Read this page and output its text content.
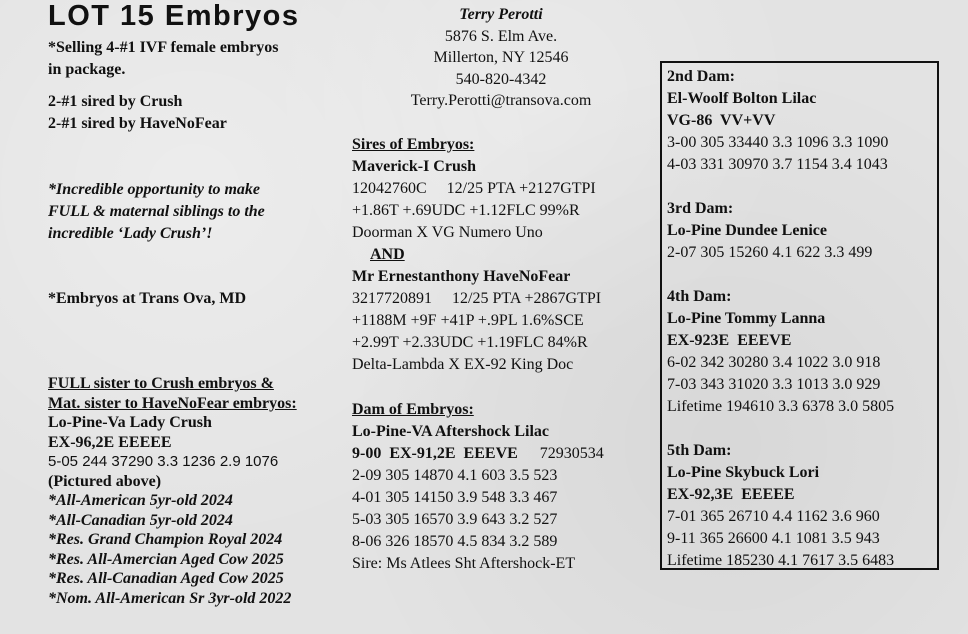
LOT 15 Embryos
*Selling 4-#1 IVF female embryos
in package.
2-#1 sired by Crush
2-#1 sired by HaveNoFear
*Incredible opportunity to make
FULL & maternal siblings to the
incredible ‘Lady Crush’!
*Embryos at Trans Ova, MD
FULL sister to Crush embryos &
Mat. sister to HaveNoFear embryos:
Lo-Pine-Va Lady Crush
EX-96,2E EEEEE
5-05 244 37290 3.3 1236 2.9 1076
(Pictured above)
*All-American 5yr-old 2024
*All-Canadian 5yr-old 2024
*Res. Grand Champion Royal 2024
*Res. All-Amercian Aged Cow 2025
*Res. All-Canadian Aged Cow 2025
*Nom. All-American Sr 3yr-old 2022
Terry Perotti
5876 S. Elm Ave.
Millerton, NY 12546
540-820-4342
Terry.Perotti@transova.com
Sires of Embryos:
Maverick-I Crush
12042760C     12/25 PTA +2127GTPI
+1.86T +.69UDC +1.12FLC 99%R
Doorman X VG Numero Uno
AND
Mr Ernestanthony HaveNoFear
3217720891     12/25 PTA +2867GTPI
+1188M +9F +41P +.9PL 1.6%SCE
+2.99T +2.33UDC +1.19FLC 84%R
Delta-Lambda X EX-92 King Doc
Dam of Embryos:
Lo-Pine-VA Aftershock Lilac
9-00  EX-91,2E  EEEVE 72930534
2-09 305 14870 4.1 603 3.5 523
4-01 305 14150 3.9 548 3.3 467
5-03 305 16570 3.9 643 3.2 527
8-06 326 18570 4.5 834 3.2 589
Sire: Ms Atlees Sht Aftershock-ET
2nd Dam:
El-Woolf Bolton Lilac
VG-86  VV+VV
3-00 305 33440 3.3 1096 3.3 1090
4-03 331 30970 3.7 1154 3.4 1043
3rd Dam:
Lo-Pine Dundee Lenice
2-07 305 15260 4.1 622 3.3 499
4th Dam:
Lo-Pine Tommy Lanna
EX-923E  EEEVE
6-02 342 30280 3.4 1022 3.0 918
7-03 343 31020 3.3 1013 3.0 929
Lifetime 194610 3.3 6378 3.0 5805
5th Dam:
Lo-Pine Skybuck Lori
EX-92,3E  EEEEE
7-01 365 26710 4.4 1162 3.6 960
9-11 365 26600 4.1 1081 3.5 943
Lifetime 185230 4.1 7617 3.5 6483
